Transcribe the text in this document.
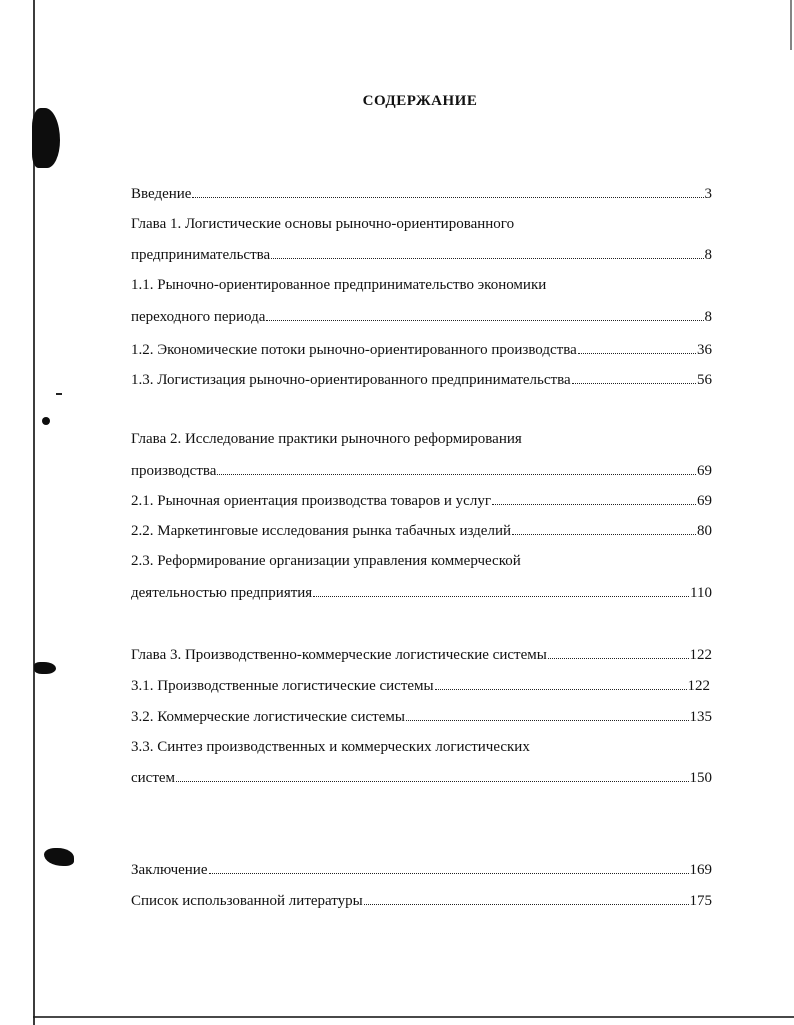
СОДЕРЖАНИЕ
Введение	3
Глава 1. Логистические основы рыночно-ориентированного
предпринимательства	8
1.1. Рыночно-ориентированное предпринимательство экономики
переходного периода	8
1.2. Экономические потоки рыночно-ориентированного производства	36
1.3. Логистизация рыночно-ориентированного предпринимательства	56
Глава 2. Исследование практики рыночного реформирования
производства	69
2.1. Рыночная ориентация производства товаров и услуг	69
2.2. Маркетинговые исследования рынка табачных изделий	80
2.3. Реформирование организации управления коммерческой
деятельностью предприятия	110
Глава 3. Производственно-коммерческие логистические системы	122
3.1. Производственные логистические системы	122
3.2. Коммерческие логистические системы	135
3.3. Синтез производственных и коммерческих логистических
систем	150
Заключение	169
Список использованной литературы	175
